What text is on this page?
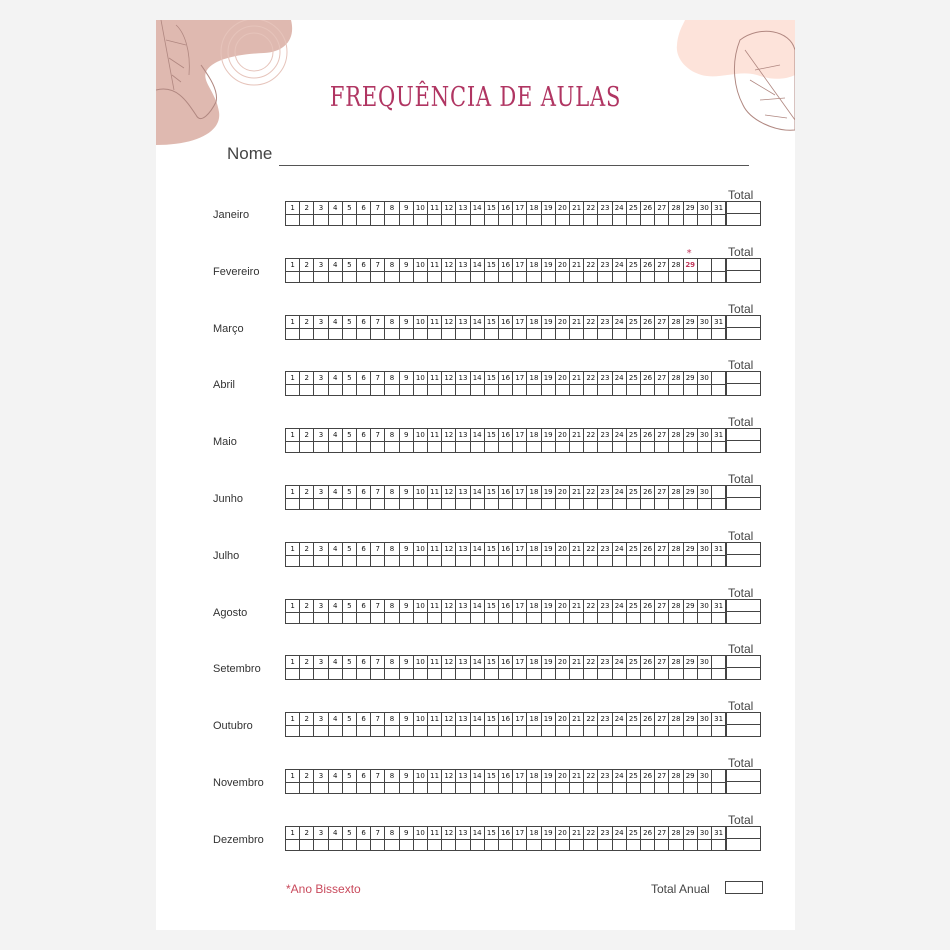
FREQUÊNCIA DE AULAS
Nome
Total
Janeiro
1	2	3	4	5	6	7	8	9	10 11 12 13 14 15 16 17 18 19 20 21 22 23 24 25 26 27 28 29 30 31
Total
Fevereiro
1	2	3	4	5	6	7	8	9	10 11 12 13 14 15 16 17 18 19 20 21 22 23 24 25 26 27 28 29
*
Total
Março
1	2	3	4	5	6	7	8	9	10 11 12 13 14 15 16 17 18 19 20 21 22 23 24 25 26 27 28 29 30 31
Total
Abril
1	2	3	4	5	6	7	8	9	10 11 12 13 14 15 16 17 18 19 20 21 22 23 24 25 26 27 28 29 30
Total
Maio
1	2	3	4	5	6	7	8	9	10 11 12 13 14 15 16 17 18 19 20 21 22 23 24 25 26 27 28 29 30 31
Total
Junho
1	2	3	4	5	6	7	8	9	10 11 12 13 14 15 16 17 18 19 20 21 22 23 24 25 26 27 28 29 30
Total
Julho
1	2	3	4	5	6	7	8	9	10 11 12 13 14 15 16 17 18 19 20 21 22 23 24 25 26 27 28 29 30 31
Total
Agosto
1	2	3	4	5	6	7	8	9	10 11 12 13 14 15 16 17 18 19 20 21 22 23 24 25 26 27 28 29 30 31
Total
Setembro
1	2	3	4	5	6	7	8	9	10 11 12 13 14 15 16 17 18 19 20 21 22 23 24 25 26 27 28 29 30
Total
Outubro
1	2	3	4	5	6	7	8	9	10 11 12 13 14 15 16 17 18 19 20 21 22 23 24 25 26 27 28 29 30 31
Total
Novembro
1	2	3	4	5	6	7	8	9	10 11 12 13 14 15 16 17 18 19 20 21 22 23 24 25 26 27 28 29 30
Total
Dezembro
1	2	3	4	5	6	7	8	9	10 11 12 13 14 15 16 17 18 19 20 21 22 23 24 25 26 27 28 29 30 31
*Ano Bissexto	Total Anual
